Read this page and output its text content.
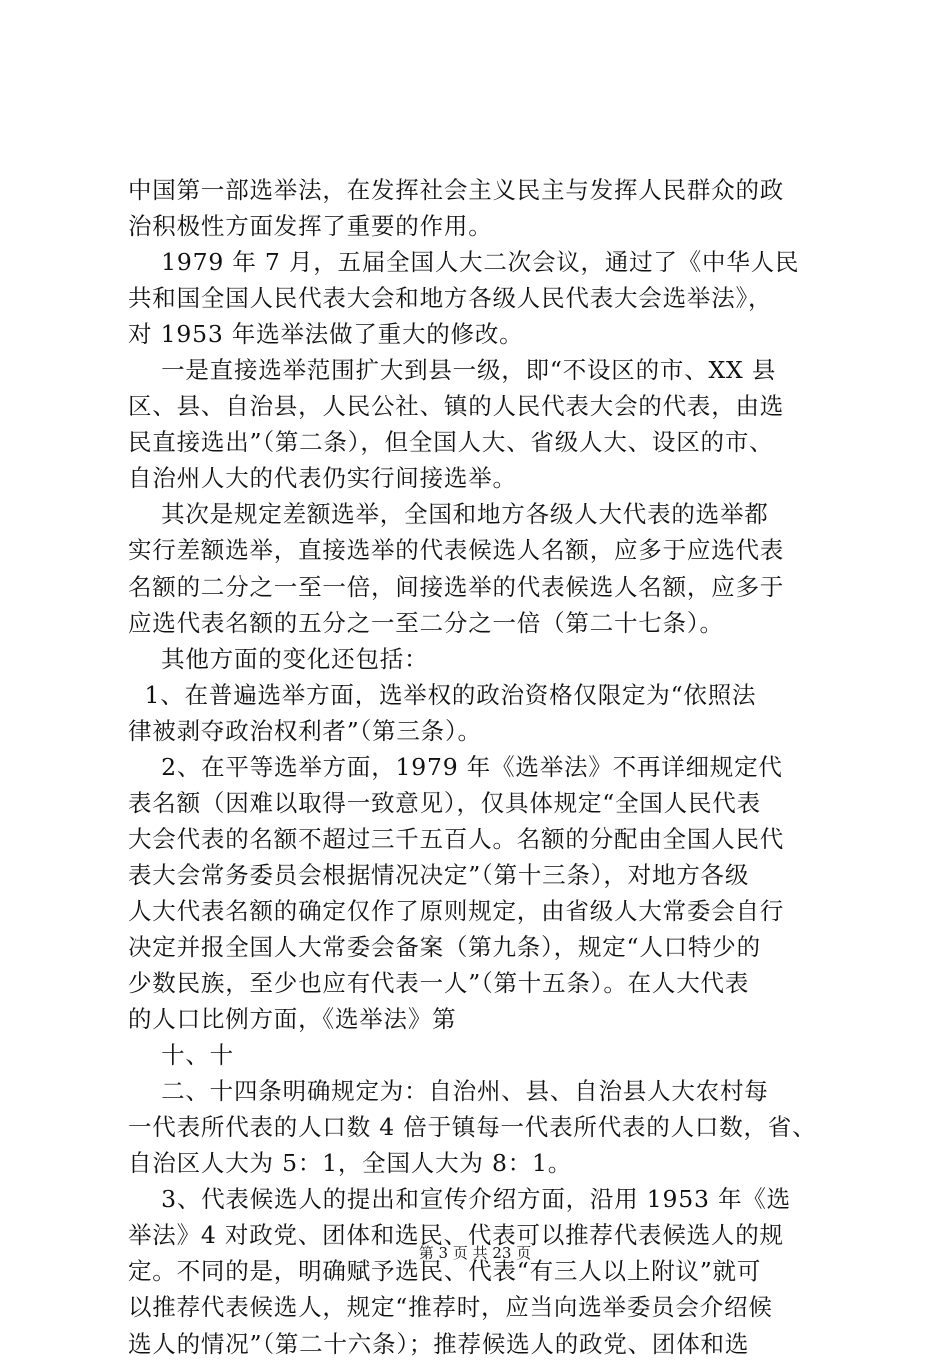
中国第一部选举法，在发挥社会主义民主与发挥人民群众的政
治积极性方面发挥了重要的作用。
1979 年 7 月，五届全国人大二次会议，通过了《中华人民
共和国全国人民代表大会和地方各级人民代表大会选举法》，
对 1953 年选举法做了重大的修改。
一是直接选举范围扩大到县一级，即“不设区的市、XX 县
区、县、自治县，人民公社、镇的人民代表大会的代表，由选
民直接选出”（第二条），但全国人大、省级人大、设区的市、
自治州人大的代表仍实行间接选举。
其次是规定差额选举，全国和地方各级人大代表的选举都
实行差额选举，直接选举的代表候选人名额，应多于应选代表
名额的二分之一至一倍，间接选举的代表候选人名额，应多于
应选代表名额的五分之一至二分之一倍（第二十七条）。
其他方面的变化还包括：
1、在普遍选举方面，选举权的政治资格仅限定为“依照法
律被剥夺政治权利者”（第三条）。
2、在平等选举方面，1979 年《选举法》不再详细规定代
表名额（因难以取得一致意见），仅具体规定“全国人民代表
大会代表的名额不超过三千五百人。名额的分配由全国人民代
表大会常务委员会根据情况决定”（第十三条），对地方各级
人大代表名额的确定仅作了原则规定，由省级人大常委会自行
决定并报全国人大常委会备案（第九条），规定“人口特少的
少数民族，至少也应有代表一人”（第十五条）。在人大代表
的人口比例方面，《选举法》第
十、十
二、十四条明确规定为：自治州、县、自治县人大农村每
一代表所代表的人口数 4 倍于镇每一代表所代表的人口数，省、
自治区人大为 5：1，全国人大为 8：1。
3、代表候选人的提出和宣传介绍方面，沿用 1953 年《选
举法》4 对政党、团体和选民、代表可以推荐代表候选人的规
定。不同的是，明确赋予选民、代表“有三人以上附议”就可
以推荐代表候选人，规定“推荐时，应当向选举委员会介绍候
选人的情况”（第二十六条）；推荐候选人的政党、团体和选
第 3 页 共 23 页
